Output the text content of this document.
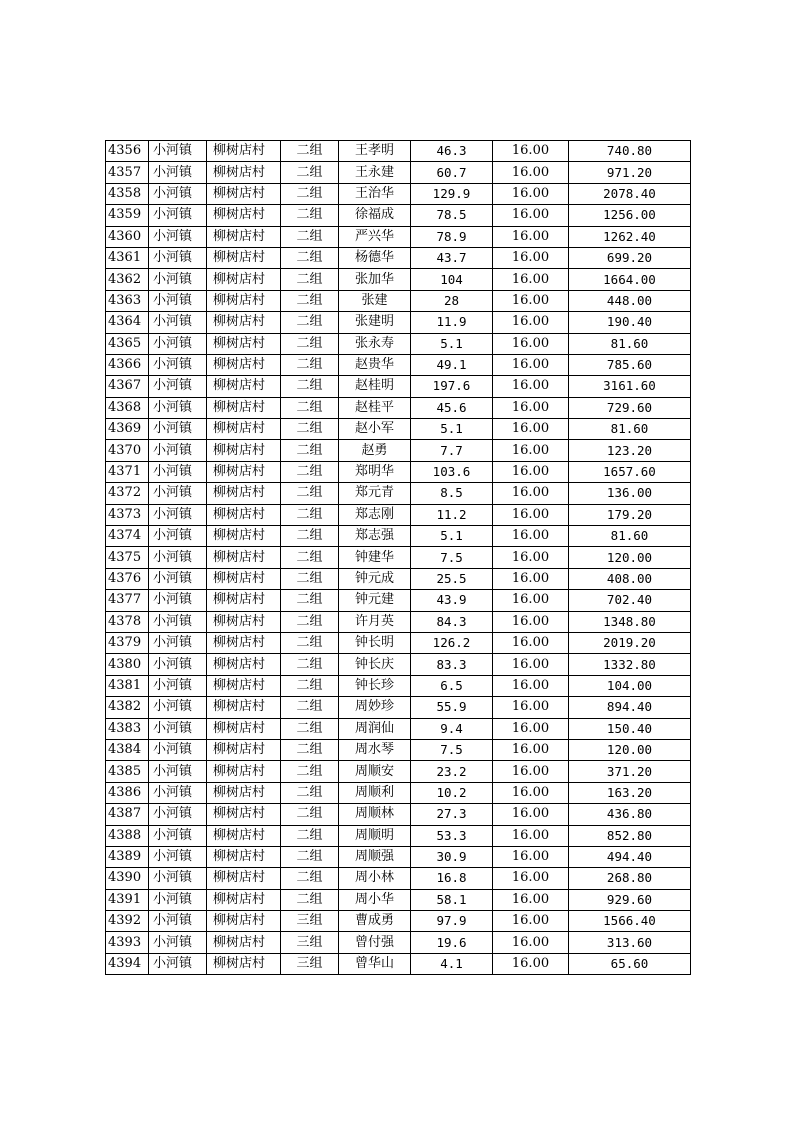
4356	小河镇	柳树店村	二组	王孝明	46.3	16.00	740.80
4357	小河镇	柳树店村	二组	王永建	60.7	16.00	971.20
4358	小河镇	柳树店村	二组	王治华	129.9	16.00	2078.40
4359	小河镇	柳树店村	二组	徐福成	78.5	16.00	1256.00
4360	小河镇	柳树店村	二组	严兴华	78.9	16.00	1262.40
4361	小河镇	柳树店村	二组	杨德华	43.7	16.00	699.20
4362	小河镇	柳树店村	二组	张加华	104	16.00	1664.00
4363	小河镇	柳树店村	二组	张建	28	16.00	448.00
4364	小河镇	柳树店村	二组	张建明	11.9	16.00	190.40
4365	小河镇	柳树店村	二组	张永寿	5.1	16.00	81.60
4366	小河镇	柳树店村	二组	赵贵华	49.1	16.00	785.60
4367	小河镇	柳树店村	二组	赵桂明	197.6	16.00	3161.60
4368	小河镇	柳树店村	二组	赵桂平	45.6	16.00	729.60
4369	小河镇	柳树店村	二组	赵小军	5.1	16.00	81.60
4370	小河镇	柳树店村	二组	赵勇	7.7	16.00	123.20
4371	小河镇	柳树店村	二组	郑明华	103.6	16.00	1657.60
4372	小河镇	柳树店村	二组	郑元青	8.5	16.00	136.00
4373	小河镇	柳树店村	二组	郑志刚	11.2	16.00	179.20
4374	小河镇	柳树店村	二组	郑志强	5.1	16.00	81.60
4375	小河镇	柳树店村	二组	钟建华	7.5	16.00	120.00
4376	小河镇	柳树店村	二组	钟元成	25.5	16.00	408.00
4377	小河镇	柳树店村	二组	钟元建	43.9	16.00	702.40
4378	小河镇	柳树店村	二组	许月英	84.3	16.00	1348.80
4379	小河镇	柳树店村	二组	钟长明	126.2	16.00	2019.20
4380	小河镇	柳树店村	二组	钟长庆	83.3	16.00	1332.80
4381	小河镇	柳树店村	二组	钟长珍	6.5	16.00	104.00
4382	小河镇	柳树店村	二组	周妙珍	55.9	16.00	894.40
4383	小河镇	柳树店村	二组	周润仙	9.4	16.00	150.40
4384	小河镇	柳树店村	二组	周水琴	7.5	16.00	120.00
4385	小河镇	柳树店村	二组	周顺安	23.2	16.00	371.20
4386	小河镇	柳树店村	二组	周顺利	10.2	16.00	163.20
4387	小河镇	柳树店村	二组	周顺林	27.3	16.00	436.80
4388	小河镇	柳树店村	二组	周顺明	53.3	16.00	852.80
4389	小河镇	柳树店村	二组	周顺强	30.9	16.00	494.40
4390	小河镇	柳树店村	二组	周小林	16.8	16.00	268.80
4391	小河镇	柳树店村	二组	周小华	58.1	16.00	929.60
4392	小河镇	柳树店村	三组	曹成勇	97.9	16.00	1566.40
4393	小河镇	柳树店村	三组	曾付强	19.6	16.00	313.60
4394	小河镇	柳树店村	三组	曾华山	4.1	16.00	65.60
